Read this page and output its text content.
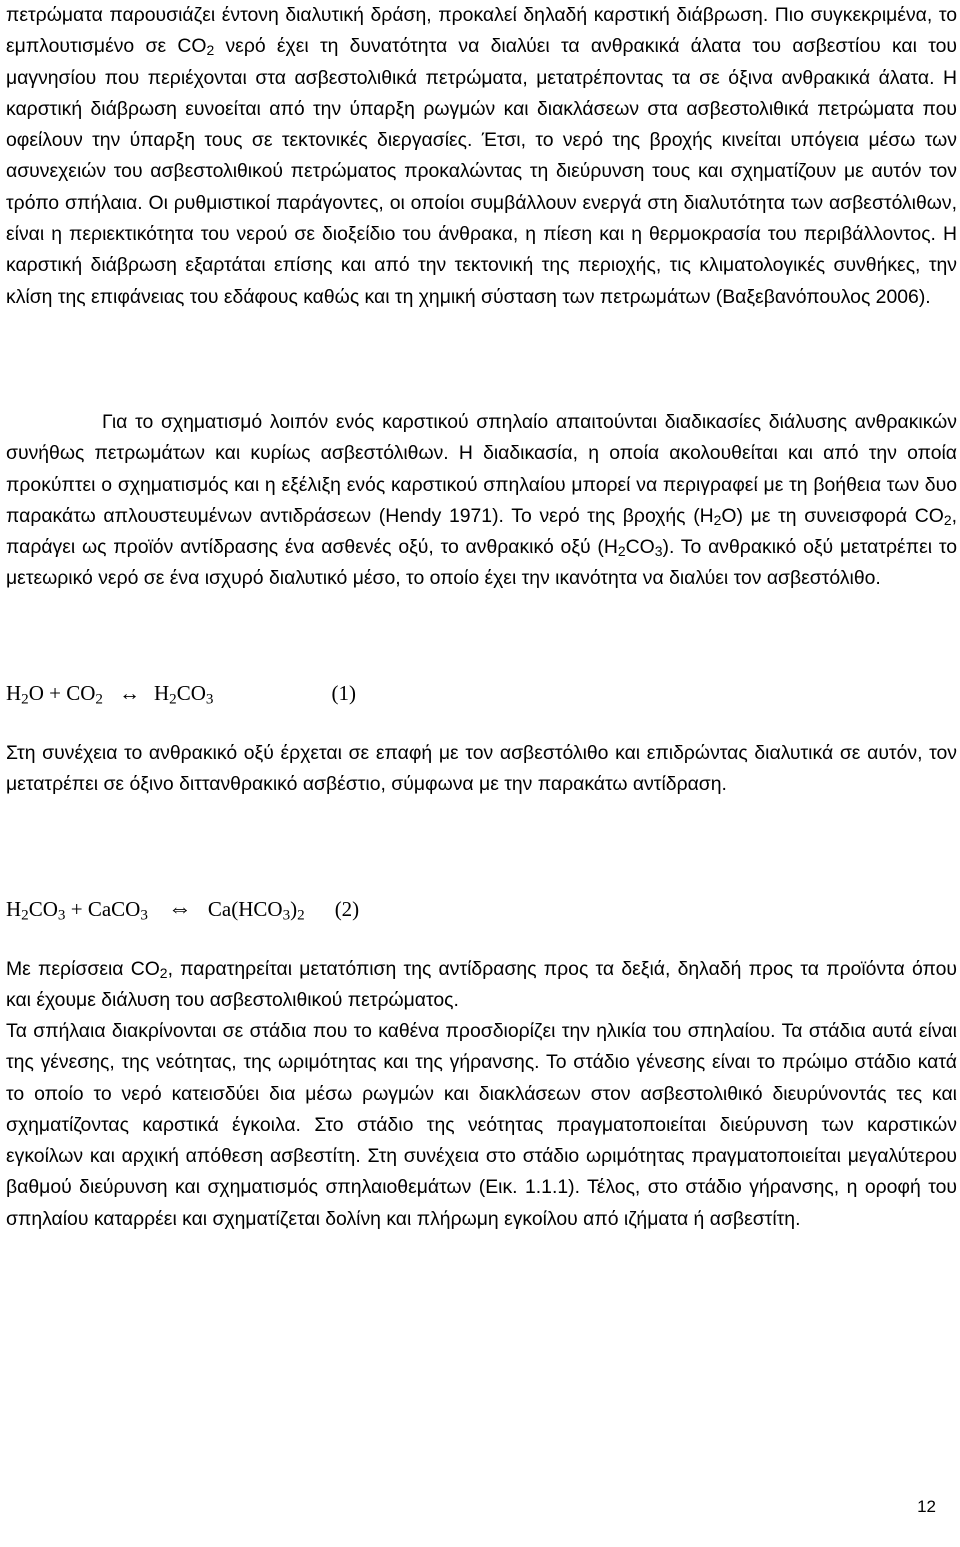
πετρώματα παρουσιάζει έντονη διαλυτική δράση, προκαλεί δηλαδή καρστική διάβρωση. Πιο συγκεκριμένα, το εμπλουτισμένο σε $CO_2$ νερό έχει τη δυνατότητα να διαλύει τα ανθρακικά άλατα του ασβεστίου και του μαγνησίου που περιέχονται στα ασβεστολιθικά πετρώματα, μετατρέποντας τα σε όξινα ανθρακικά άλατα. Η καρστική διάβρωση ευνοείται από την ύπαρξη ρωγμών και διακλάσεων στα ασβεστολιθικά πετρώματα που οφείλουν την ύπαρξη τους σε τεκτονικές διεργασίες. Έτσι, το νερό της βροχής κινείται υπόγεια μέσω των ασυνεχειών του ασβεστολιθικού πετρώματος προκαλώντας τη διεύρυνση τους και σχηματίζουν με αυτόν τον τρόπο σπήλαια. Οι ρυθμιστικοί παράγοντες, οι οποίοι συμβάλλουν ενεργά στη διαλυτότητα των ασβεστόλιθων, είναι η περιεκτικότητα του νερού σε διοξείδιο του άνθρακα, η πίεση και η θερμοκρασία του περιβάλλοντος. Η καρστική διάβρωση εξαρτάται επίσης και από την τεκτονική της περιοχής, τις κλιματολογικές συνθήκες, την κλίση της επιφάνειας του εδάφους καθώς και τη χημική σύσταση των πετρωμάτων (Βαξεβανόπουλος 2006).

Για το σχηματισμό λοιπόν ενός καρστικού σπηλαίο απαιτούνται διαδικασίες διάλυσης ανθρακικών συνήθως πετρωμάτων και κυρίως ασβεστόλιθων. Η διαδικασία, η οποία ακολουθείται και από την οποία προκύπτει ο σχηματισμός και η εξέλιξη ενός καρστικού σπηλαίου μπορεί να περιγραφεί με τη βοήθεια των δυο παρακάτω απλουστευμένων αντιδράσεων (Hendy 1971). Το νερό της βροχής $(H_2O)$ με τη συνεισφορά $CO_2$, παράγει ως προϊόν αντίδρασης ένα ασθενές οξύ, το ανθρακικό οξύ $(H_2CO_3)$. Το ανθρακικό οξύ μετατρέπει το μετεωρικό νερό σε ένα ισχυρό διαλυτικό μέσο, το οποίο έχει την ικανότητα να διαλύει τον ασβεστόλιθο.

$H_2O + CO_2$ ↔ $H_2CO_3$	(1)

Στη συνέχεια το ανθρακικό οξύ έρχεται σε επαφή με τον ασβεστόλιθο και επιδρώντας διαλυτικά σε αυτόν, τον μετατρέπει σε όξινο διττανθρακικό ασβέστιο, σύμφωνα με την παρακάτω αντίδραση.

$H_2CO_3$ + CaCO$_3$ ⇔ $Ca(HCO_3)_2$ (2)

Με περίσσεια $CO_2$, παρατηρείται μετατόπιση της αντίδρασης προς τα δεξιά, δηλαδή προς τα προϊόντα όπου και έχουμε διάλυση του ασβεστολιθικού πετρώματος.

Τα σπήλαια διακρίνονται σε στάδια που το καθένα προσδιορίζει την ηλικία του σπηλαίου. Τα στάδια αυτά είναι της γένεσης, της νεότητας, της ωριμότητας και της γήρανσης. Το στάδιο γένεσης είναι το πρώιμο στάδιο κατά το οποίο το νερό κατεισδύει δια μέσω ρωγμών και διακλάσεων στον ασβεστολιθικό διευρύνοντάς τες και σχηματίζοντας καρστικά έγκοιλα. Στο στάδιο της νεότητας πραγματοποιείται διεύρυνση των καρστικών εγκοίλων και αρχική απόθεση ασβεστίτη. Στη συνέχεια στο στάδιο ωριμότητας πραγματοποιείται μεγαλύτερου βαθμού διεύρυνση και σχηματισμός σπηλαιοθεμάτων (Εικ. 1.1.1). Τέλος, στο στάδιο γήρανσης, η οροφή του σπηλαίου καταρρέει και σχηματίζεται δολίνη και πλήρωμη εγκοίλου από ιζήματα ή ασβεστίτη.

12
